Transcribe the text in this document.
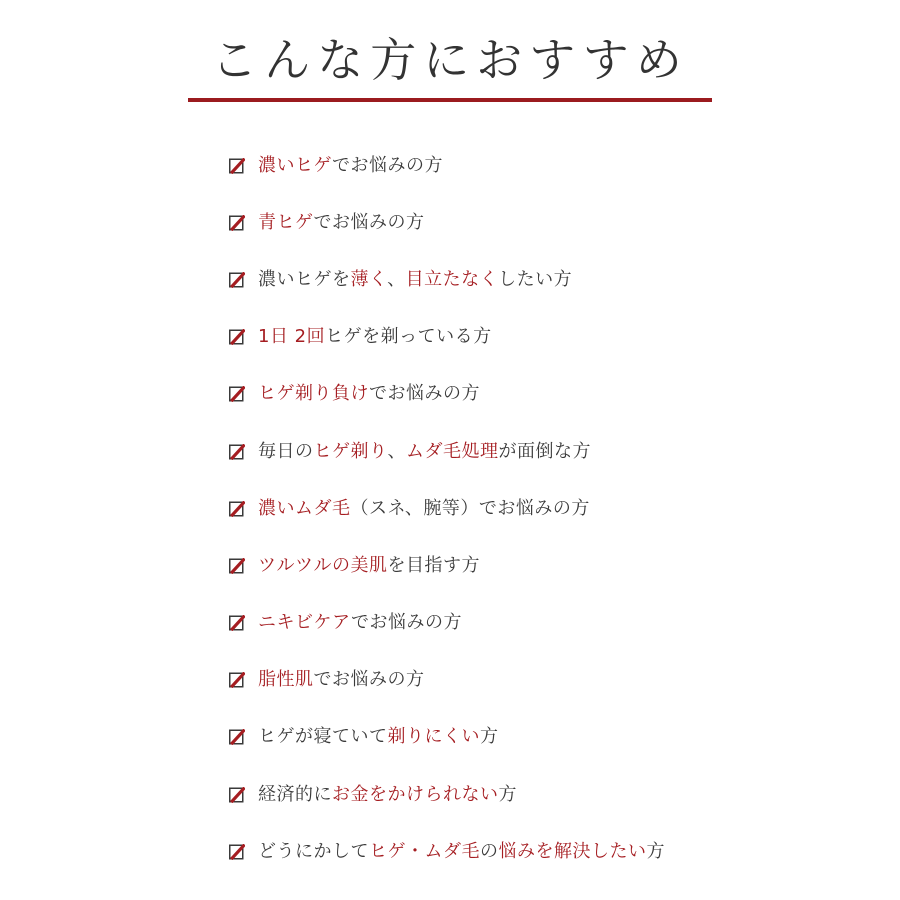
こんな方におすすめ
濃いヒゲでお悩みの方
青ヒゲでお悩みの方
濃いヒゲを薄く、目立たなくしたい方
1日 2回ヒゲを剃っている方
ヒゲ剃り負けでお悩みの方
毎日のヒゲ剃り、ムダ毛処理が面倒な方
濃いムダ毛（スネ、腕等）でお悩みの方
ツルツルの美肌を目指す方
ニキビケアでお悩みの方
脂性肌でお悩みの方
ヒゲが寝ていて剃りにくい方
経済的にお金をかけられない方
どうにかしてヒゲ・ムダ毛の悩みを解決したい方
